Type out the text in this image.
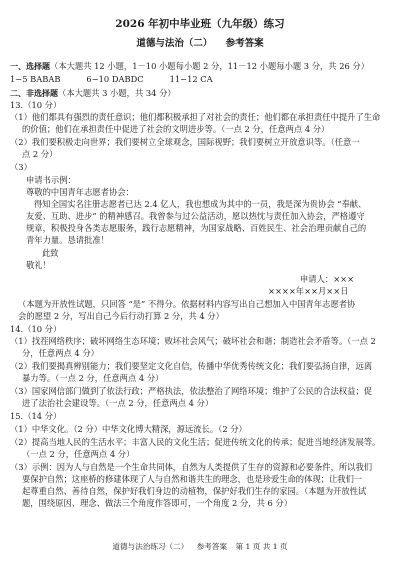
2026 年初中毕业班（九年级）练习
道德与法治（二） 参考答案
一、选择题（本大题共 12 小题，1－10 小题每小题 2 分，11－12 小题每小题 3 分，共 26 分）
1−5 BABAB	6−10 DABDC	11−12 CA
二、非选择题（本大题共 3 小题，共 34 分）
13.（10 分）
（1）他们都具有强烈的责任意识；他们都积极承担了对社会的责任；他们都在承担责任中提升了生命
的价值；他们在承担责任中促进了社会的文明进步等。（一点 2 分，任意两点 4 分）
（2）我们要积极走向世界；我们要树立全球观念，国际视野；我们要树立开放意识等。（任意一
点 2 分）
（3）
申请书示例：
尊敬的中国青年志愿者协会：
得知全国实名注册志愿者已达 2.4 亿人，我也想成为其中的一员，我是深为贵协会 “奉献、
友爱、互助、进步” 的精神感召。我曾参与过公益活动，愿以热忱与责任加入协会，严格遵守
规章，积极投身各类志愿服务，践行志愿精神，为国家战略、百姓民生、社会治理贡献自己的
青年力量。恳请批准！
此致
敬礼！
申请人：×××
××××年××月××日
（本题为开放性试题，只回答 “是” 不得分。依据材料内容写出自己想加入中国青年志愿者协
会的愿望 2 分，写出自己今后行动打算 2 分，共 4 分）
14.（10 分）
（1）找茬网络秩序；破坏网络生态环境；败坏社会风气；破坏社会和谐；制造社会矛盾等。（一点 2
分，任意两点 4 分）
（2）我们要揭真辨别能力；我们要坚定文化自信，传播中华优秀传统文化；我们要弘扬自律，远离
暴力等。（一点 2 分，任意两点 4 分）
（3）国家网信部门做到了依法行政；严格执法，依法整治了网络环境；维护了公民的合法权益；促
进了法治社会建设等。（一点 2 分，任意两点 4 分）
15.（14 分）
（1）中华文化。（2 分）中华文化博大精深，源远流长。（2 分）
（2）提高当地人民的生活水平；丰富人民的文化生活；促进传统文化的传承；促进当地经济发展等。
（一点 2 分，任意两点 4 分）
（3）示例：因为人与自然是一个生命共同体，自然为人类提供了生存的资源和必要条件，所以我们
要保护自然；这座桥的修建体现了人与自然和谐共生的理念，也是珍爱生命的体现；让我们一
起尊重自然、善待自然，保护好我们身边的动植物，保护好我们生存的家园。（本题为开放性试
题，围绕原因、理念、做法三个角度作答即可，一个角度 2 分，共 6 分）
道德与法治练习（二） 参考答案 第 1 页 共 1 页
